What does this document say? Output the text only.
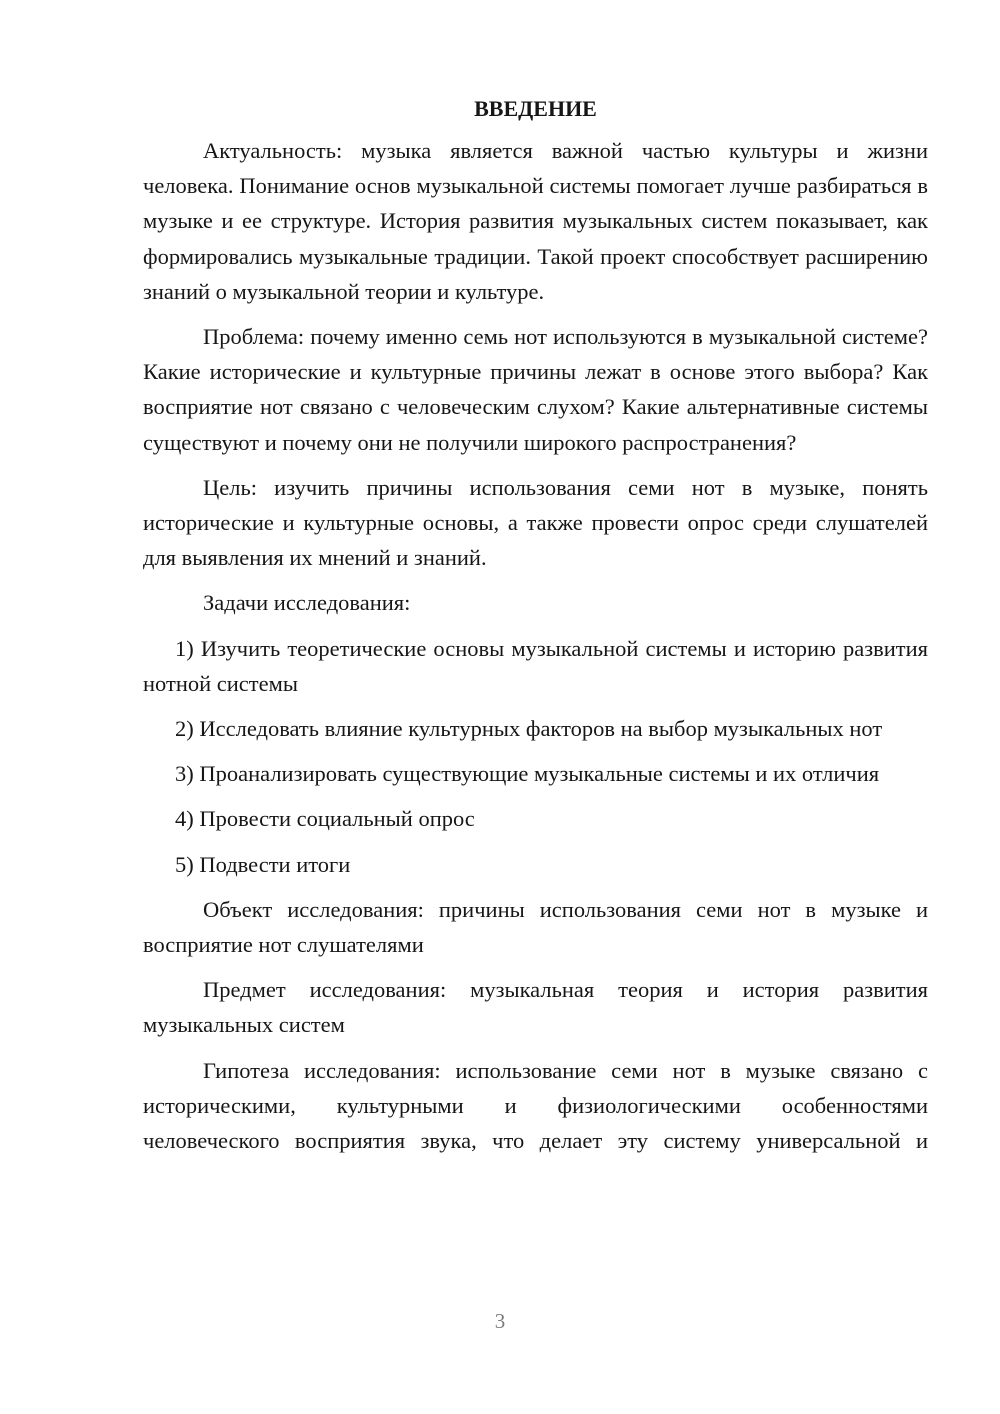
ВВЕДЕНИЕ

Актуальность: музыка является важной частью культуры и жизни человека. Понимание основ музыкальной системы помогает лучше разбираться в музыке и ее структуре. История развития музыкальных систем показывает, как формировались музыкальные традиции. Такой проект способствует расширению знаний о музыкальной теории и культуре.

Проблема: почему именно семь нот используются в музыкальной системе? Какие исторические и культурные причины лежат в основе этого выбора? Как восприятие нот связано с человеческим слухом? Какие альтернативные системы существуют и почему они не получили широкого распространения?

Цель: изучить причины использования семи нот в музыке, понять исторические и культурные основы, а также провести опрос среди слушателей для выявления их мнений и знаний.

Задачи исследования:

1) Изучить теоретические основы музыкальной системы и историю развития нотной системы

2) Исследовать влияние культурных факторов на выбор музыкальных нот

3) Проанализировать существующие музыкальные системы и их отличия

4) Провести социальный опрос

5) Подвести итоги

Объект исследования: причины использования семи нот в музыке и восприятие нот слушателями

Предмет исследования: музыкальная теория и история развития музыкальных систем

Гипотеза исследования: использование семи нот в музыке связано с историческими, культурными и физиологическими особенностями человеческого восприятия звука, что делает эту систему универсальной и

3
